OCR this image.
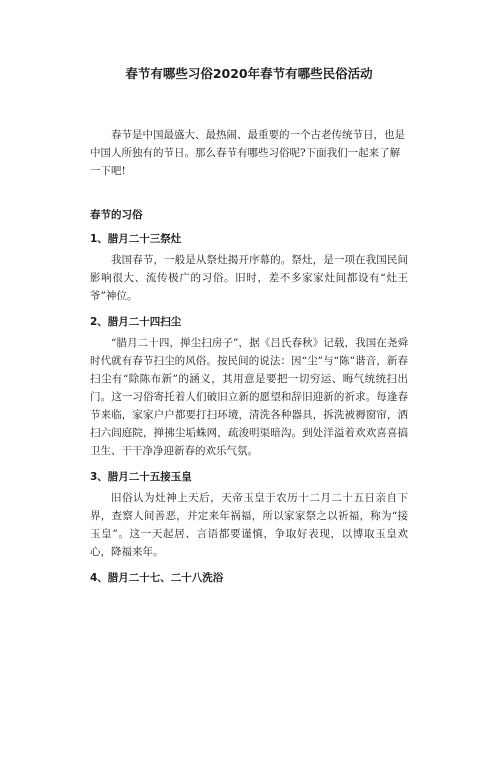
春节有哪些习俗2020年春节有哪些民俗活动

春节是中国最盛大、最热闹、最重要的一个古老传统节日，也是中国人所独有的节日。那么春节有哪些习俗呢?下面我们一起来了解一下吧!

春节的习俗
1、腊月二十三祭灶

我国春节，一般是从祭灶揭开序幕的。祭灶，是一项在我国民间影响很大、流传极广的习俗。旧时，差不多家家灶间都设有“灶王爷”神位。

2、腊月二十四扫尘

“腊月二十四，掸尘扫房子”，据《吕氏春秋》记载，我国在尧舜时代就有春节扫尘的风俗。按民间的说法：因“尘”与“陈”谐音，新春扫尘有“除陈布新”的涵义，其用意是要把一切穷运、晦气统统扫出门。这一习俗寄托着人们破旧立新的愿望和辞旧迎新的祈求。每逢春节来临，家家户户都要打扫环境，清洗各种器具，拆洗被褥窗帘，洒扫六闾庭院，掸拂尘垢蛛网，疏浚明渠暗沟。到处洋溢着欢欢喜喜搞卫生、干干净净迎新春的欢乐气氛。

3、腊月二十五接玉皇

旧俗认为灶神上天后，天帝玉皇于农历十二月二十五日亲自下界，查察人间善恶，并定来年祸福，所以家家祭之以祈福，称为“接玉皇”。这一天起居、言语都要谨慎，争取好表现，以博取玉皇欢心，降福来年。

4、腊月二十七、二十八洗浴
